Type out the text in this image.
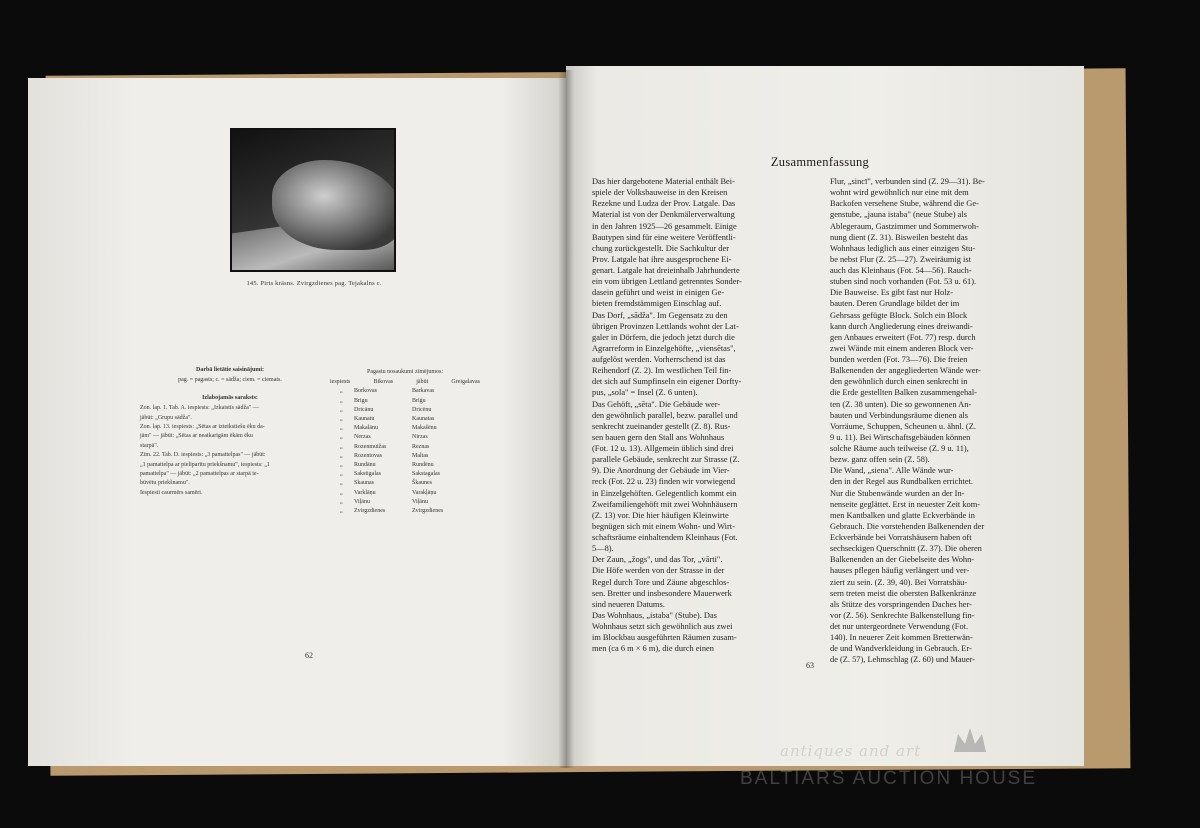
145. Pirts krāsns. Zvirgzdienes pag. Tejakalns c.
Darbā lietātie saisinājumi:
pag. = pagasts; c. = sādža; ciem. = ciemats.
Izlabojamās saraksts:
Zon. lap. 1. Tab. A. iespiests: „Izkaistīs sādža" —
jābūt: „Grupu sādža".
Zon. lap. 13. iespiests: „Sētas ar izteikstiešu ēku da-
jām" — jābūt: „Sētas ar neatkarīgām ēkām ēku
starpā".
Zīm. 22. Tab. D. iespiests: „3 pamattelpas" — jābūt:
„1 pamattelpa ar pieliparītu priekšnamu", iespiests: „1
pamattelpa" — jābūt: „2 pamattelpas ar starpā ie-
būvētu priekšnamu".
Iespiesti caurmērs samēri.
Pagastu nosaukumi zīmējumos:
iespiests	Bikovas	jābūt	Greigalavas
„	Borkovas	Barkavas
„	Brigu	Briģu
„	Dricānu	Dricēnu
„	Kaunatu	Kaunatas
„	Makalānu	Makašēnu
„	Nerzas	Nirzas
„	Rozenmuižas	Reznas
„	Rozentovas	Maltas
„	Rundānu	Rundēnu
„	Sakstigalas	Sakstagalas
„	Skaunas	Škaunes
„	Varklāņu	Varakļāņu
„	Viļānu	Viļānu
„	Zvirgzdienes	Zvirgzdienes
62
Zusammenfassung
Das hier dargebotene Material enthält Bei-
spiele der Volksbauweise in den Kreisen
Rezekne und Ludza der Prov. Latgale. Das
Material ist von der Denkmälerverwaltung
in den Jahren 1925—26 gesammelt. Einige
Bautypen sind für eine weitere Veröffentli-
chung zurückgestellt. Die Sachkultur der
Prov. Latgale hat ihre ausgesprochene Ei-
genart. Latgale hat dreieinhalb Jahrhunderte
ein vom übrigen Lettland getrenntes Sonder-
dasein geführt und weist in einigen Ge-
bieten fremdstämmigen Einschlag auf.
Das Dorf, „sādža". Im Gegensatz zu den
übrigen Provinzen Lettlands wohnt der Lat-
galer in Dörfern, die jedoch jetzt durch die
Agrarreform in Einzelgehöfte, „viensētas",
aufgelöst werden. Vorherrschend ist das
Reihendorf (Z. 2). Im westlichen Teil fin-
det sich auf Sumpfinseln ein eigener Dorfty-
pus, „sola" = Insel (Z. 6 unten).
Das Gehöft, „sēta". Die Gebäude wer-
den gewöhnlich parallel, bezw. parallel und
senkrecht zueinander gestellt (Z. 8). Rus-
sen bauen gern den Stall ans Wohnhaus
(Fot. 12 u. 13). Allgemein üblich sind drei
parallele Gebäude, senkrecht zur Strasse (Z.
9). Die Anordnung der Gebäude im Vier-
reck (Fot. 22 u. 23) finden wir vorwiegend
in Einzelgehöften. Gelegentlich kommt ein
Zweifamiliengehöft mit zwei Wohnhäusern
(Z. 13) vor. Die hier häufigen Kleinwirte
begnügen sich mit einem Wohn- und Wirt-
schaftsräume einhaltendem Kleinhaus (Fot.
5—8).
Der Zaun, „žogs", und das Tor, „vārti".
Die Höfe werden von der Strasse in der
Regel durch Tore und Zäune abgeschlos-
sen. Bretter und insbesondere Mauerwerk
sind neueren Datums.
Das Wohnhaus, „istaba" (Stube). Das
Wohnhaus setzt sich gewöhnlich aus zwei
im Blockbau ausgeführten Räumen zusam-
men (ca 6 m × 6 m), die durch einen
Flur, „sincī", verbunden sind (Z. 29—31). Be-
wohnt wird gewöhnlich nur eine mit dem
Backofen versehene Stube, während die Ge-
genstube, „jauna istaba" (neue Stube) als
Ablegeraum, Gastzimmer und Sommerwoh-
nung dient (Z. 31). Bisweilen besteht das
Wohnhaus lediglich aus einer einzigen Stu-
be nebst Flur (Z. 25—27). Zweiräumig ist
auch das Kleinhaus (Fot. 54—56). Rauch-
stuben sind noch vorhanden (Fot. 53 u. 61).
Die Bauweise. Es gibt fast nur Holz-
bauten. Deren Grundlage bildet der im
Gehrsass gefügte Block. Solch ein Block
kann durch Angliederung eines dreiwandi-
gen Anbaues erweitert (Fot. 77) resp. durch
zwei Wände mit einem anderen Block ver-
bunden werden (Fot. 73—76). Die freien
Balkenenden der angegliederten Wände wer-
den gewöhnlich durch einen senkrecht in
die Erde gestellten Balken zusammengehal-
ten (Z. 38 unten). Die so gewonnenen An-
bauten und Verbindungsräume dienen als
Vorräume, Schuppen, Scheunen u. ähnl. (Z.
9 u. 11). Bei Wirtschaftsgebäuden können
solche Räume auch teilweise (Z. 9 u. 11),
bezw. ganz offen sein (Z. 58).
Die Wand, „siena". Alle Wände wur-
den in der Regel aus Rundbalken errichtet.
Nur die Stubenwände wurden an der In-
nenseite geglättet. Erst in neuester Zeit kom-
men Kantbalken und glatte Eckverbände in
Gebrauch. Die vorstehenden Balkenenden der
Eckverbände bei Vorratshäusern haben oft
sechseckigen Querschnitt (Z. 37). Die oberen
Balkenenden an der Giebelseite des Wohn-
hauses pflegen häufig verlängert und ver-
ziert zu sein. (Z. 39, 40). Bei Vorratshäu-
sern treten meist die obersten Balkenkränze
als Stütze des vorspringenden Daches her-
vor (Z. 56). Senkrechte Balkenstellung fin-
det nur untergeordnete Verwendung (Fot.
140). In neuerer Zeit kommen Bretterwän-
de und Wandverkleidung in Gebrauch. Er-
de (Z. 57), Lehmschlag (Z. 60) und Mauer-
63
antiques and art
BALTIARS AUCTION HOUSE
